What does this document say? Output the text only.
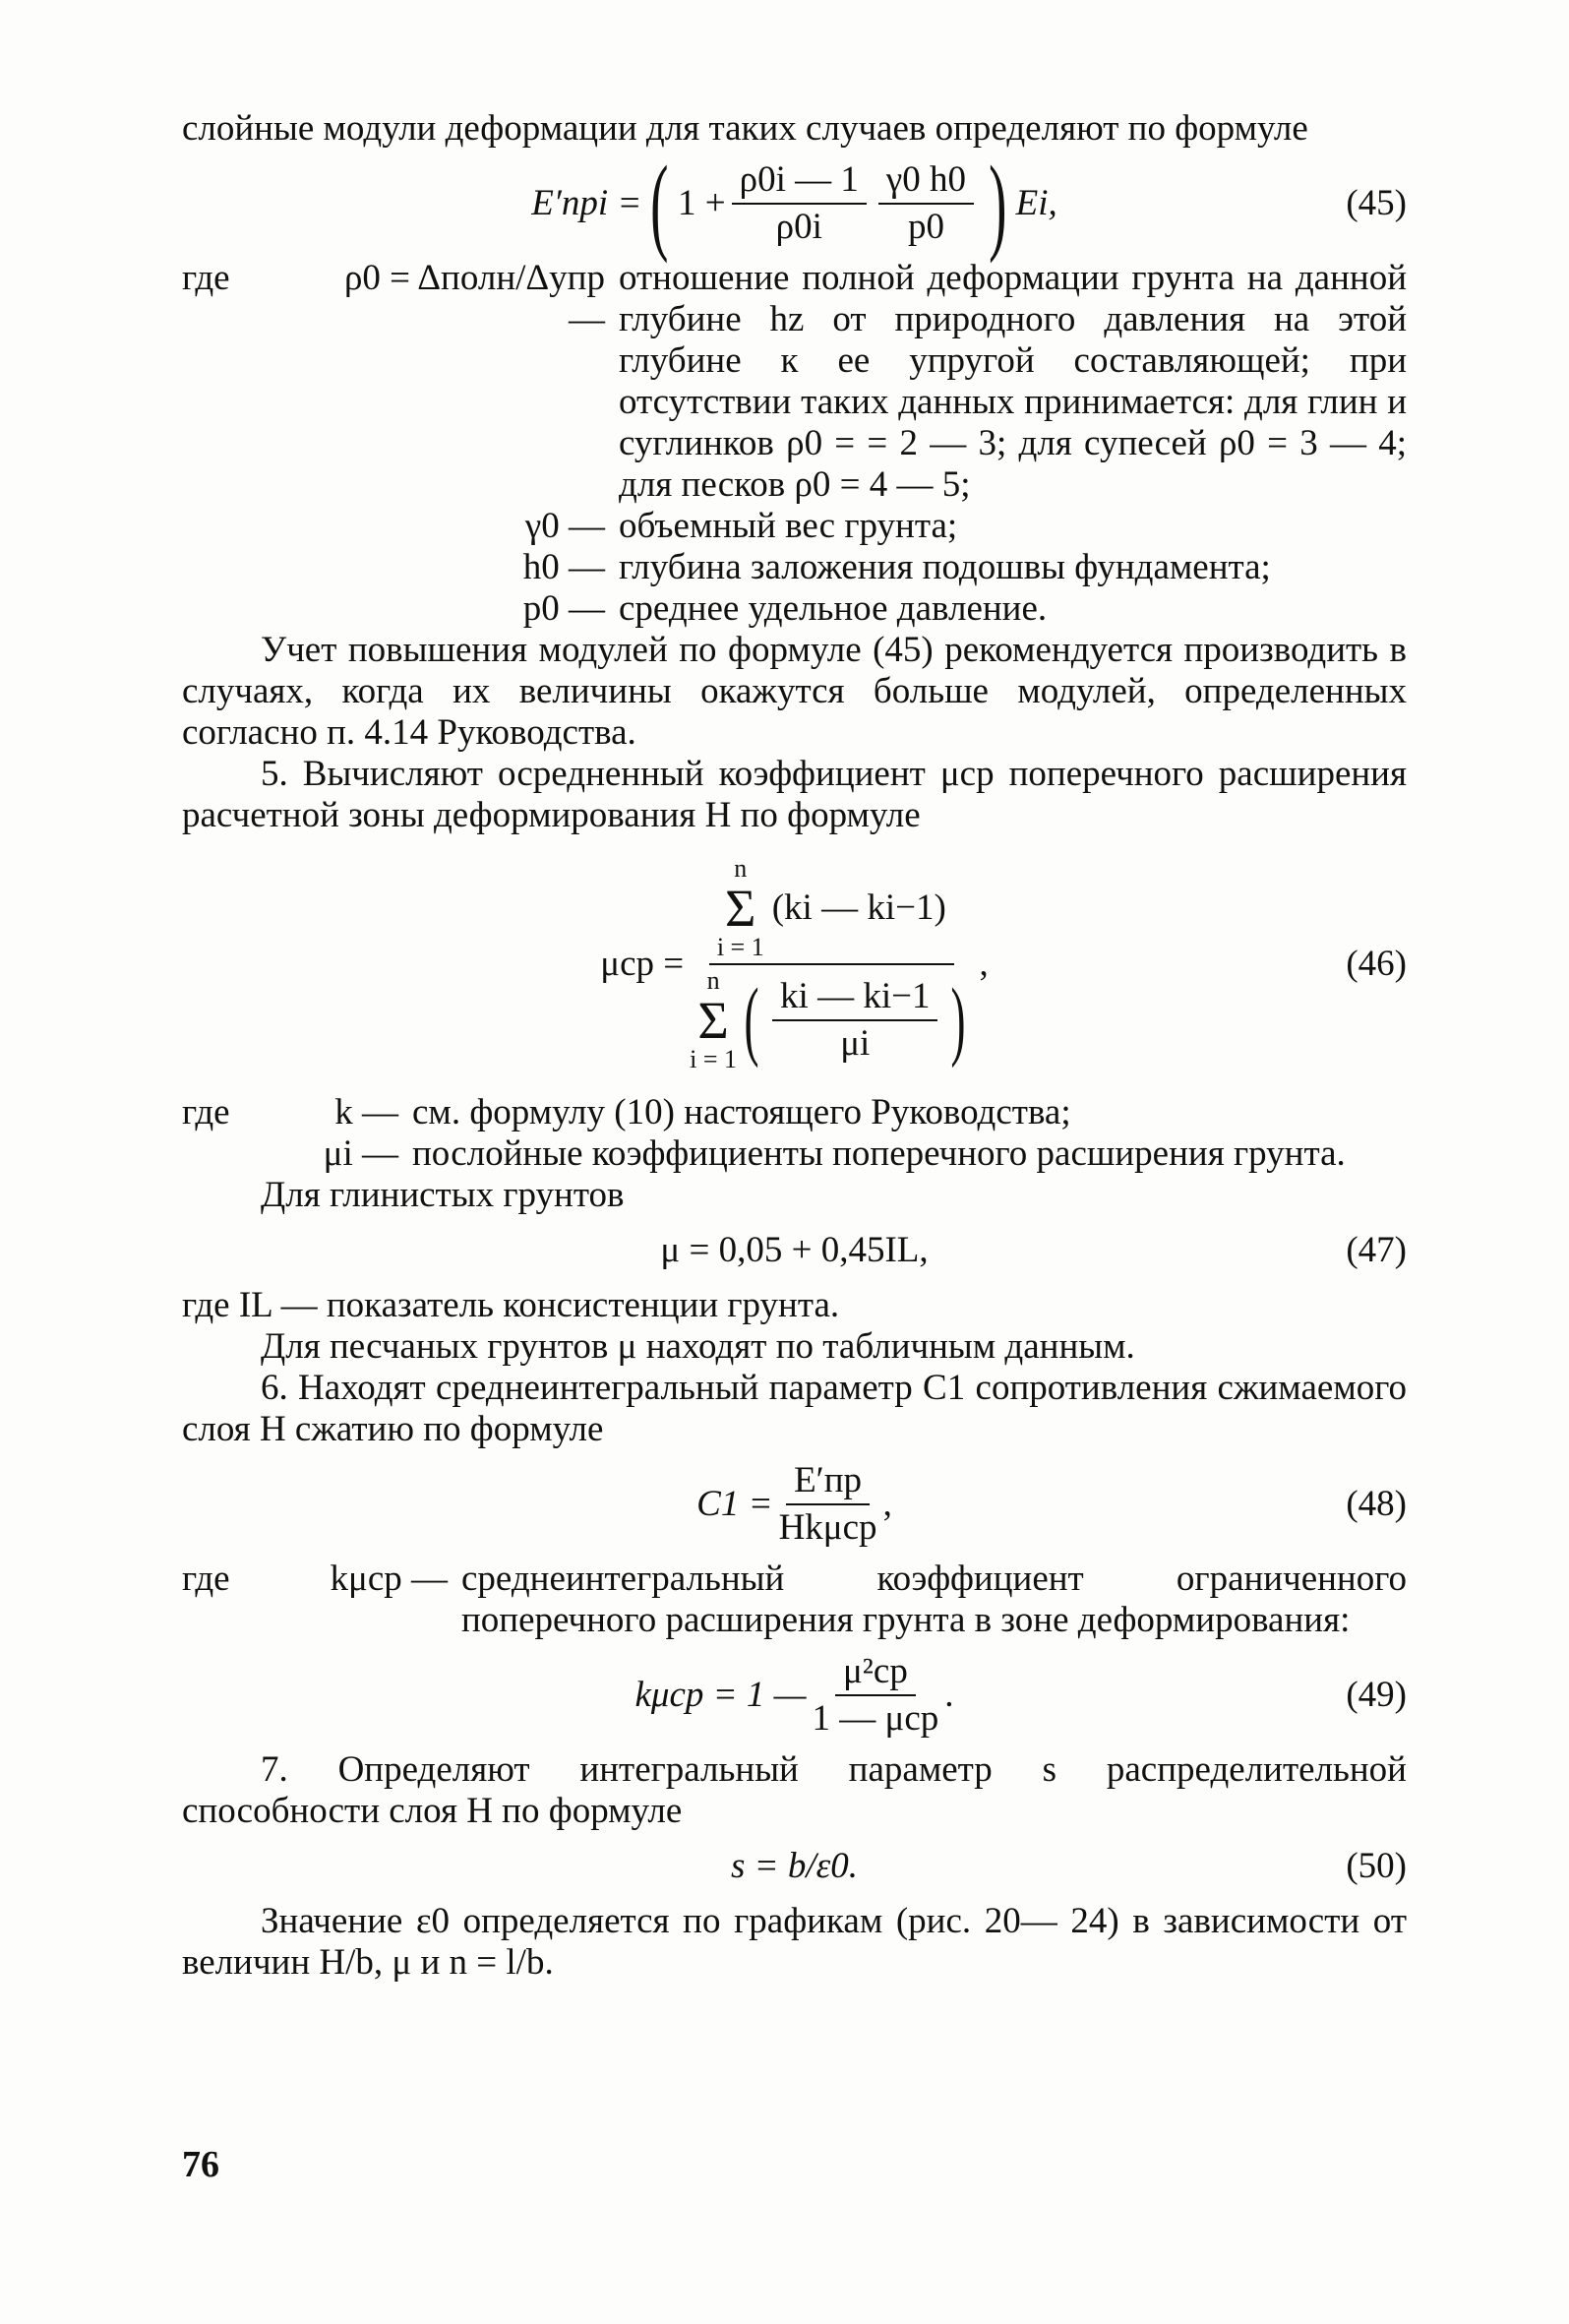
слойные модули деформации для таких случаев определяют по формуле

E′прi = ( $1 + \frac{\rho 0i — 1}{\rho 0i} \frac{\gamma 0 h0}{p0}$ ) Ei,	(45)
где	ρ0 = Δполн/Δупр —
отношение полной деформации грунта на данной глубине hz от природного давления на этой глубине к ее упругой составляющей; при отсутствии таких данных принимается: для глин и суглинков ρ0 = = 2 — 3; для супесей ρ0 = 3 — 4; для песков ρ0 = 4 — 5;
γ0 — объемный вес грунта;
h0 — глубина заложения подошвы фундамента;
p0 — среднее удельное давление.

Учет повышения модулей по формуле (45) рекомендуется производить в случаях, когда их величины окажутся больше модулей, определенных согласно п. 4.14 Руководства.

5. Вычисляют осредненный коэффициент μср поперечного расширения расчетной зоны деформирования H по формуле

μср = n
Σ
i = 1
(ki — ki−1)
n
Σ
i = 1 ( $\frac{ki — ki-1}{\mu i}$ ) ,	(46)
где	k — см. формулу (10) настоящего Руководства;
μi — послойные коэффициенты поперечного расширения грунта.

Для глинистых грунтов

μ = 0,05 + 0,45IL,	(47)

где IL — показатель консистенции грунта.

Для песчаных грунтов μ находят по табличным данным.

6. Находят среднеинтегральный параметр C1 сопротивления сжимаемого слоя H сжатию по формуле

$C1 = \frac{E'пр}{\text{Hkμср}}$ ,	(48)
где	kμср — среднеинтегральный коэффициент ограниченного поперечного расширения грунта в зоне деформирования:
kμср = 1 — $\frac{\text{μ²ср}}{\text{1 — μср}}$ .	(49)

7. Определяют интегральный параметр s распределительной способности слоя H по формуле

s = b/ε0.	(50)

Значение ε0 определяется по графикам (рис. 20— 24) в зависимости от величин H/b, μ и n = l/b.

76
